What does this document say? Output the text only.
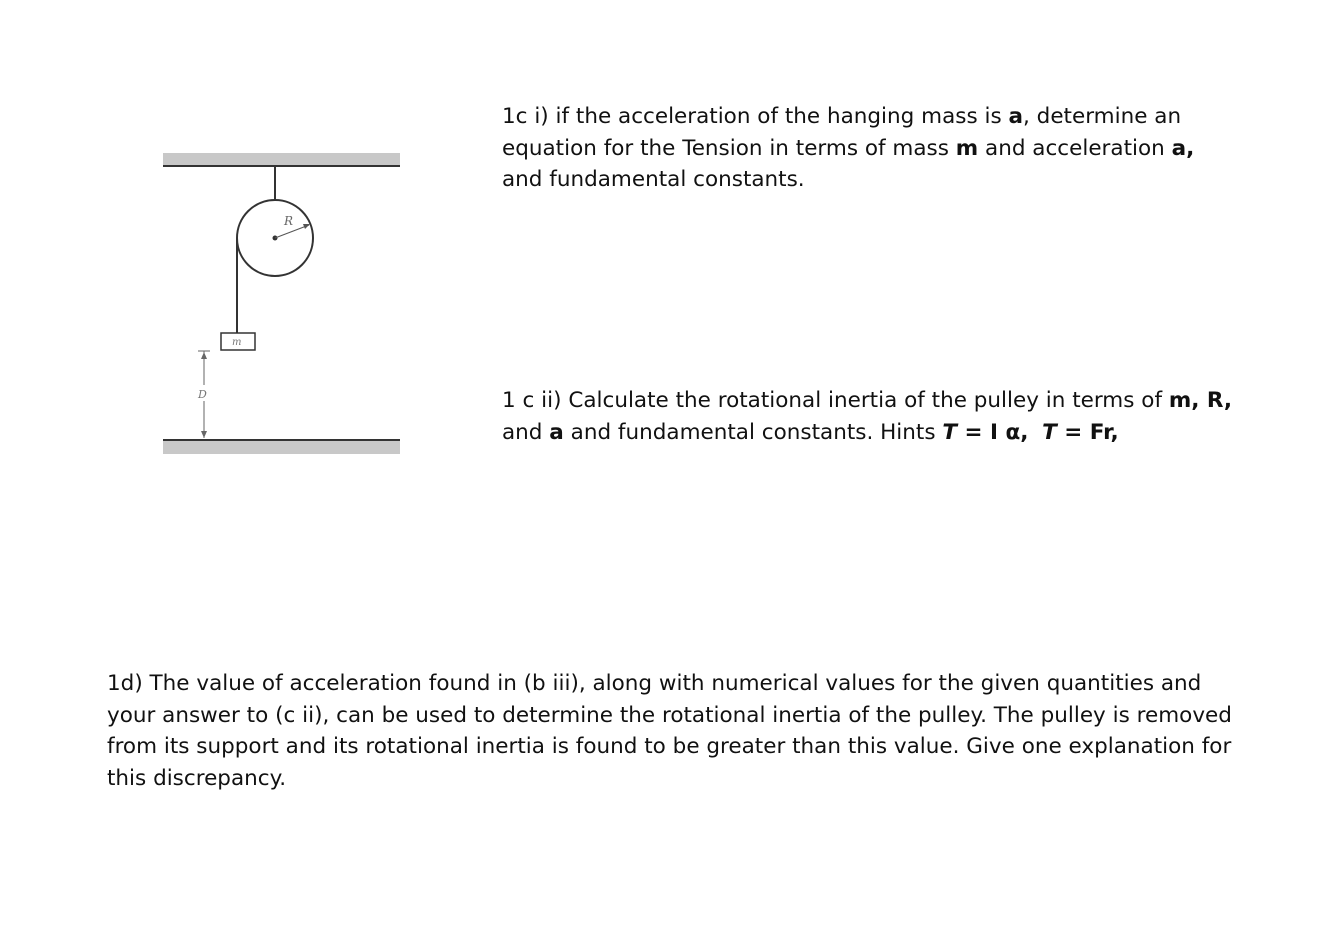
R
m
D

1c i) if the acceleration of the hanging mass is a, determine an
equation for the Tension in terms of mass m and acceleration a,
and fundamental constants.

1 c ii) Calculate the rotational inertia of the pulley in terms of m, R,
and a and fundamental constants. Hints T = I α, T = Fr,

1d) The value of acceleration found in (b iii), along with numerical values for the given quantities and
your answer to (c ii), can be used to determine the rotational inertia of the pulley. The pulley is removed
from its support and its rotational inertia is found to be greater than this value. Give one explanation for
this discrepancy.
